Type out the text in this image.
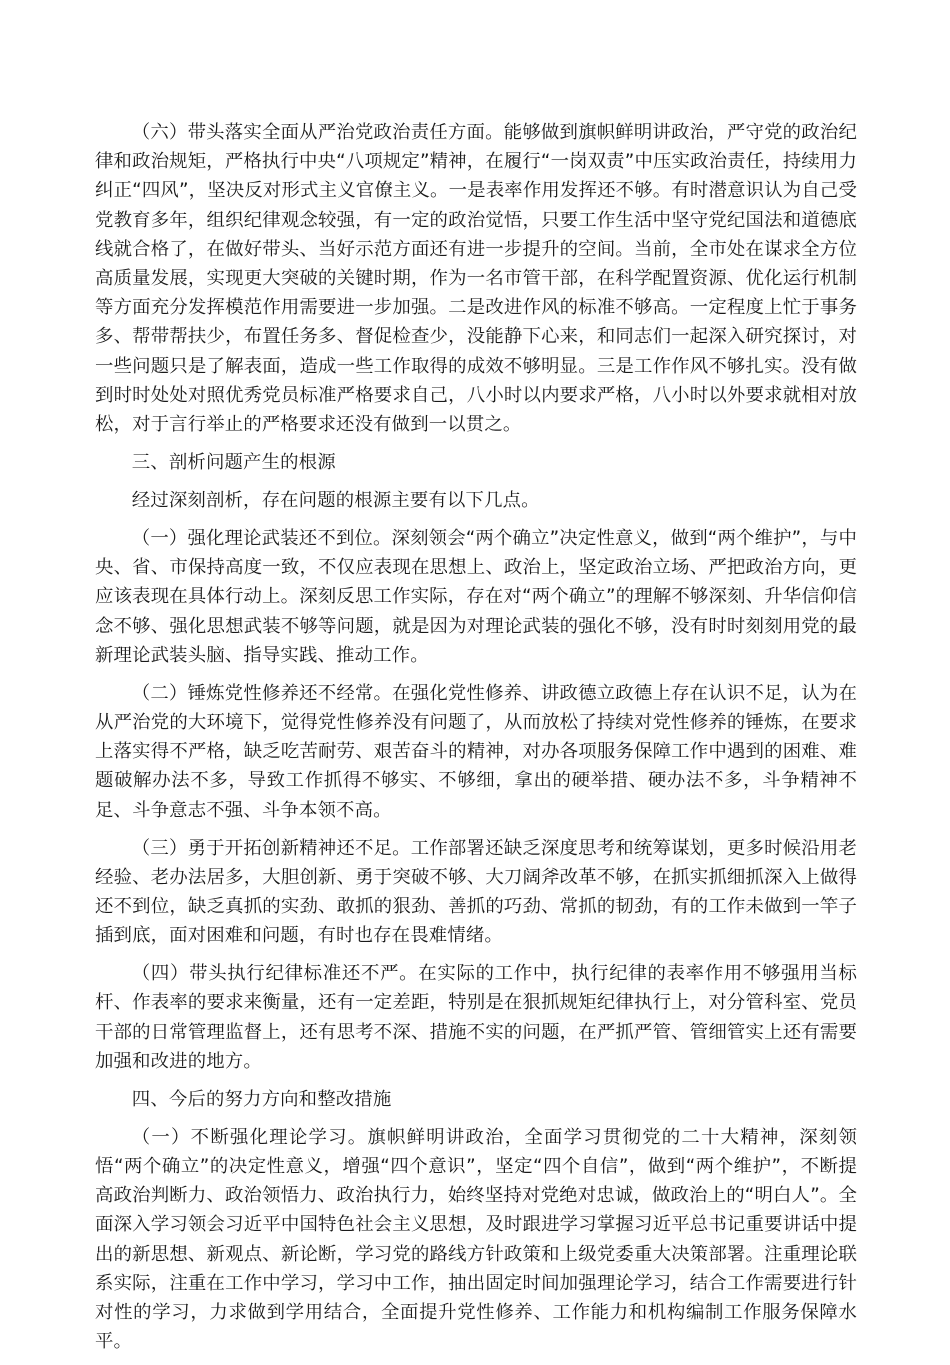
（六）带头落实全面从严治党政治责任方面。能够做到旗帜鲜明讲政治，严守党的政治纪律和政治规矩，严格执行中央“八项规定”精神，在履行“一岗双责”中压实政治责任，持续用力纠正“四风”，坚决反对形式主义官僚主义。一是表率作用发挥还不够。有时潜意识认为自己受党教育多年，组织纪律观念较强，有一定的政治觉悟，只要工作生活中坚守党纪国法和道德底线就合格了，在做好带头、当好示范方面还有进一步提升的空间。当前，全市处在谋求全方位高质量发展，实现更大突破的关键时期，作为一名市管干部，在科学配置资源、优化运行机制等方面充分发挥模范作用需要进一步加强。二是改进作风的标准不够高。一定程度上忙于事务多、帮带帮扶少，布置任务多、督促检查少，没能静下心来，和同志们一起深入研究探讨，对一些问题只是了解表面，造成一些工作取得的成效不够明显。三是工作作风不够扎实。没有做到时时处处对照优秀党员标准严格要求自己，八小时以内要求严格，八小时以外要求就相对放松，对于言行举止的严格要求还没有做到一以贯之。

三、剖析问题产生的根源

经过深刻剖析，存在问题的根源主要有以下几点。

（一）强化理论武装还不到位。深刻领会“两个确立”决定性意义，做到“两个维护”，与中央、省、市保持高度一致，不仅应表现在思想上、政治上，坚定政治立场、严把政治方向，更应该表现在具体行动上。深刻反思工作实际，存在对“两个确立”的理解不够深刻、升华信仰信念不够、强化思想武装不够等问题，就是因为对理论武装的强化不够，没有时时刻刻用党的最新理论武装头脑、指导实践、推动工作。

（二）锤炼党性修养还不经常。在强化党性修养、讲政德立政德上存在认识不足，认为在从严治党的大环境下，觉得党性修养没有问题了，从而放松了持续对党性修养的锤炼，在要求上落实得不严格，缺乏吃苦耐劳、艰苦奋斗的精神，对办各项服务保障工作中遇到的困难、难题破解办法不多，导致工作抓得不够实、不够细，拿出的硬举措、硬办法不多，斗争精神不足、斗争意志不强、斗争本领不高。

（三）勇于开拓创新精神还不足。工作部署还缺乏深度思考和统筹谋划，更多时候沿用老经验、老办法居多，大胆创新、勇于突破不够、大刀阔斧改革不够，在抓实抓细抓深入上做得还不到位，缺乏真抓的实劲、敢抓的狠劲、善抓的巧劲、常抓的韧劲，有的工作未做到一竿子插到底，面对困难和问题，有时也存在畏难情绪。

（四）带头执行纪律标准还不严。在实际的工作中，执行纪律的表率作用不够强用当标杆、作表率的要求来衡量，还有一定差距，特别是在狠抓规矩纪律执行上，对分管科室、党员干部的日常管理监督上，还有思考不深、措施不实的问题，在严抓严管、管细管实上还有需要加强和改进的地方。

四、今后的努力方向和整改措施

（一）不断强化理论学习。旗帜鲜明讲政治，全面学习贯彻党的二十大精神，深刻领悟“两个确立”的决定性意义，增强“四个意识”，坚定“四个自信”，做到“两个维护”，不断提高政治判断力、政治领悟力、政治执行力，始终坚持对党绝对忠诚，做政治上的“明白人”。全面深入学习领会习近平中国特色社会主义思想，及时跟进学习掌握习近平总书记重要讲话中提出的新思想、新观点、新论断，学习党的路线方针政策和上级党委重大决策部署。注重理论联系实际，注重在工作中学习，学习中工作，抽出固定时间加强理论学习，结合工作需要进行针对性的学习，力求做到学用结合，全面提升党性修养、工作能力和机构编制工作服务保障水平。
